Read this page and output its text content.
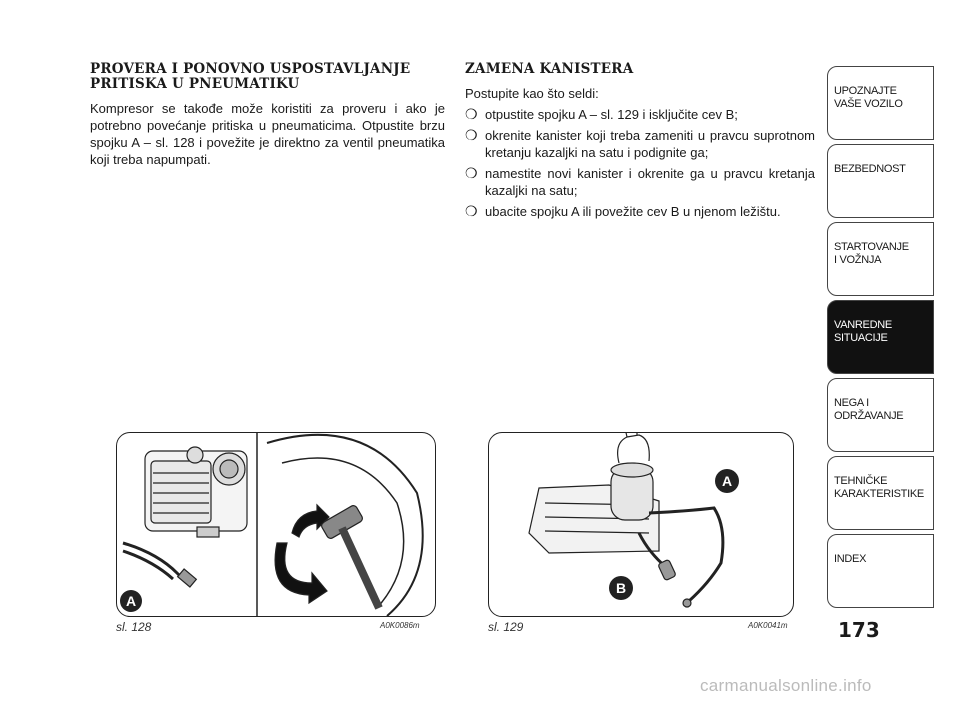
PROVERA I PONOVNO USPOSTAVLJANJE
PRITISKA U PNEUMATIKU

Kompresor se takođe može koristiti za proveru i ako je potrebno povećanje pritiska u pneumaticima. Otpustite brzu spojku A – sl. 128 i povežite je direktno za ventil pneumatika koji treba napumpati.

ZAMENA KANISTERA

Postupite kao što seldi:

❍ otpustite spojku A – sl. 129 i isključite cev B;
❍ okrenite kanister koji treba zameniti u pravcu suprotnom kretanju kazaljki na satu i podignite ga;
❍ namestite novi kanister i okrenite ga u pravcu kretanja kazaljki na satu;
❍ ubacite spojku A ili povežite cev B u njenom ležištu.
A
sl. 128	A0K0086m
A
B
sl. 129	A0K0041m
UPOZNAJTE
VAŠE VOZILO
BEZBEDNOST
STARTOVANJE
I VOŽNJA
VANREDNE
SITUACIJE
NEGA I
ODRŽAVANJE
TEHNIČKE
KARAKTERISTIKE
INDEX
173
carmanualsonline.info
